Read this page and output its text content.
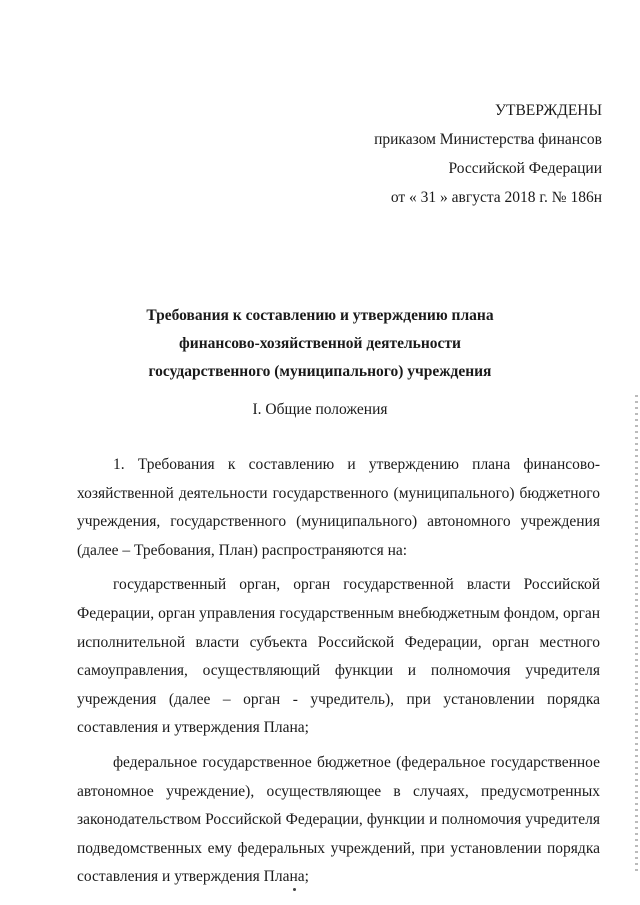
УТВЕРЖДЕНЫ
приказом Министерства финансов
Российской Федерации
от « 31 » августа 2018 г. № 186н
Требования к составлению и утверждению плана
финансово-хозяйственной деятельности
государственного (муниципального) учреждения
I. Общие положения

1. Требования к составлению и утверждению плана финансово-хозяйственной деятельности государственного (муниципального) бюджетного учреждения, государственного (муниципального) автономного учреждения (далее – Требования, План) распространяются на:

государственный орган, орган государственной власти Российской Федерации, орган управления государственным внебюджетным фондом, орган исполнительной власти субъекта Российской Федерации, орган местного самоуправления, осуществляющий функции и полномочия учредителя учреждения (далее – орган - учредитель), при установлении порядка составления и утверждения Плана;

федеральное государственное бюджетное (федеральное государственное автономное учреждение), осуществляющее в случаях, предусмотренных законодательством Российской Федерации, функции и полномочия учредителя подведомственных ему федеральных учреждений, при установлении порядка составления и утверждения Плана;
